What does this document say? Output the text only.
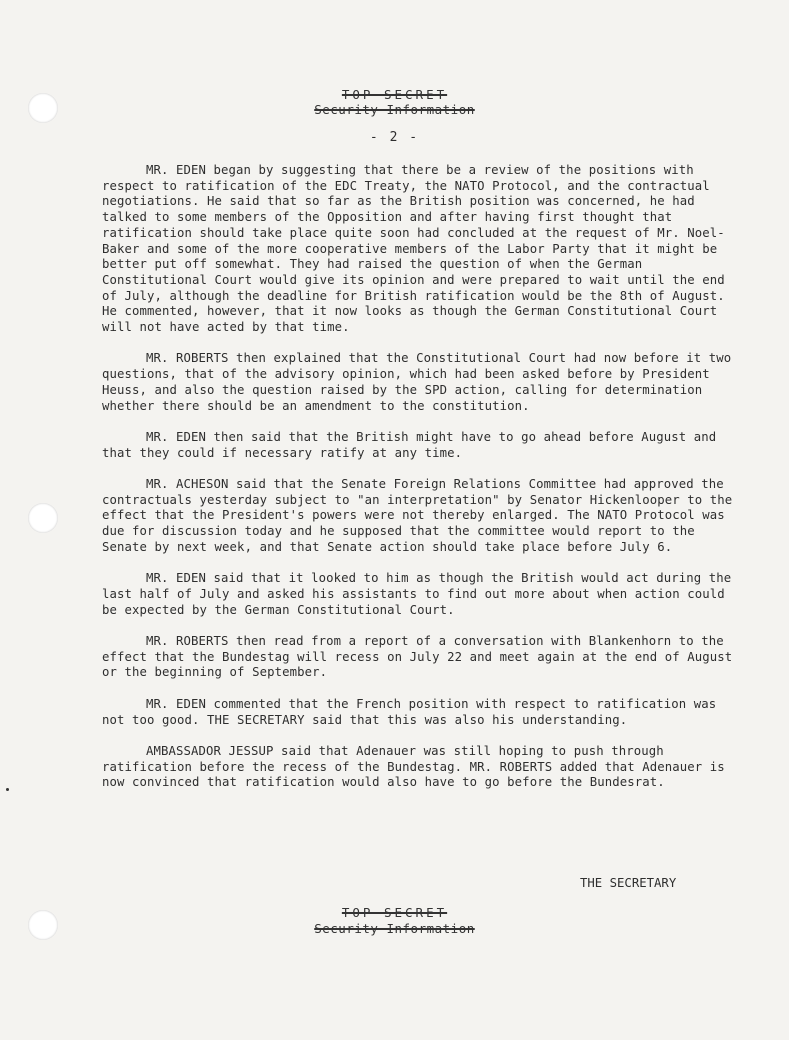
TOP SECRET
Security Information
- 2 -

MR. EDEN began by suggesting that there be a review of the positions with respect to ratification of the EDC Treaty, the NATO Protocol, and the contractual negotiations. He said that so far as the British position was concerned, he had talked to some members of the Opposition and after having first thought that ratification should take place quite soon had concluded at the request of Mr. Noel-Baker and some of the more cooperative members of the Labor Party that it might be better put off somewhat. They had raised the question of when the German Constitutional Court would give its opinion and were prepared to wait until the end of July, although the deadline for British ratification would be the 8th of August. He commented, however, that it now looks as though the German Constitutional Court will not have acted by that time.

MR. ROBERTS then explained that the Constitutional Court had now before it two questions, that of the advisory opinion, which had been asked before by President Heuss, and also the question raised by the SPD action, calling for determination whether there should be an amendment to the constitution.

MR. EDEN then said that the British might have to go ahead before August and that they could if necessary ratify at any time.

MR. ACHESON said that the Senate Foreign Relations Committee had approved the contractuals yesterday subject to "an interpretation" by Senator Hickenlooper to the effect that the President's powers were not thereby enlarged. The NATO Protocol was due for discussion today and he supposed that the committee would report to the Senate by next week, and that Senate action should take place before July 6.

MR. EDEN said that it looked to him as though the British would act during the last half of July and asked his assistants to find out more about when action could be expected by the German Constitutional Court.

MR. ROBERTS then read from a report of a conversation with Blankenhorn to the effect that the Bundestag will recess on July 22 and meet again at the end of August or the beginning of September.

MR. EDEN commented that the French position with respect to ratification was not too good. THE SECRETARY said that this was also his understanding.

AMBASSADOR JESSUP said that Adenauer was still hoping to push through ratification before the recess of the Bundestag. MR. ROBERTS added that Adenauer is now convinced that ratification would also have to go before the Bundesrat.

THE SECRETARY
TOP SECRET
Security Information
